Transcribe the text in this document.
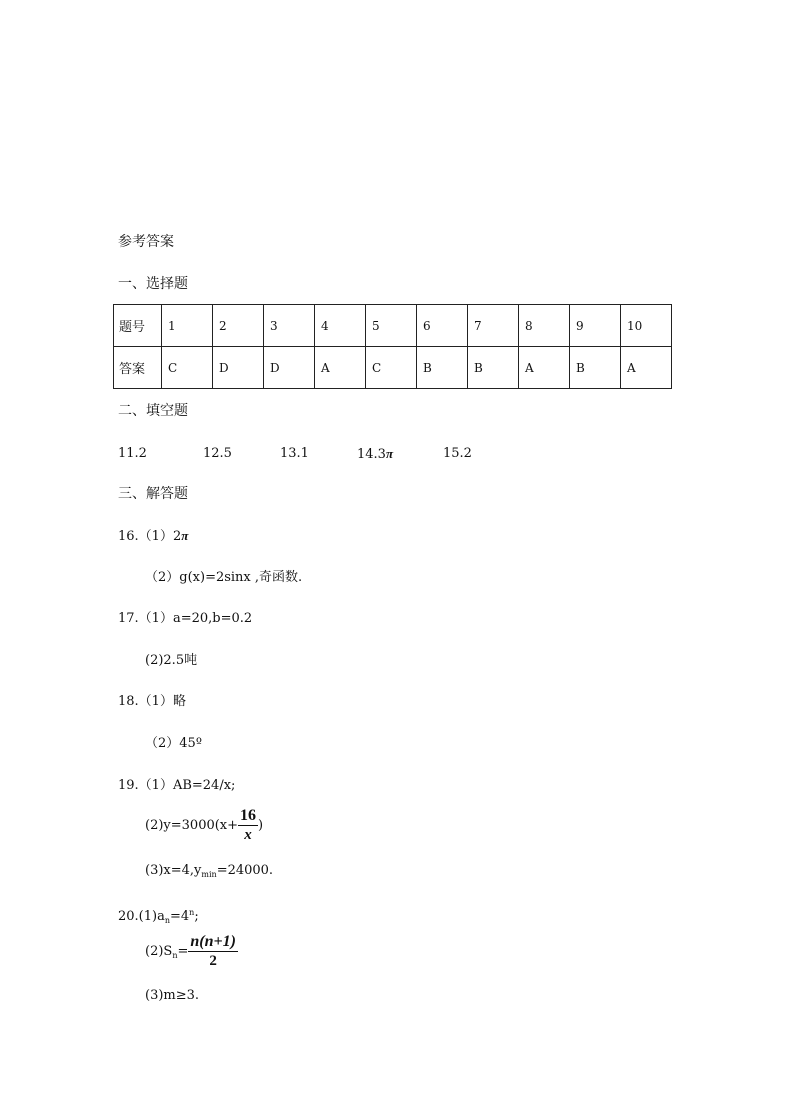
参考答案
一、选择题
题号	1	2	3	4	5	6	7	8	9	10
答案	C	D	D	A	C	B	B	A	B	A
二、填空题
11.2	12.5	13.1	14.3π	15.2
三、解答题
16.（1）2π
（2）g(x)=2sinx ,奇函数.
17.（1）a=20,b=0.2
(2)2.5吨
18.（1）略
（2）45º
19.（1）AB=24/x;
$(2)y=3000(x+ \frac{16}{x}$ )
$(3)x=4,y_{min}=24000$.
$20.(1)a_n=4^n$;
$(2)S_n= \frac{n(n+1)}{2}$
(3)m≥3.
